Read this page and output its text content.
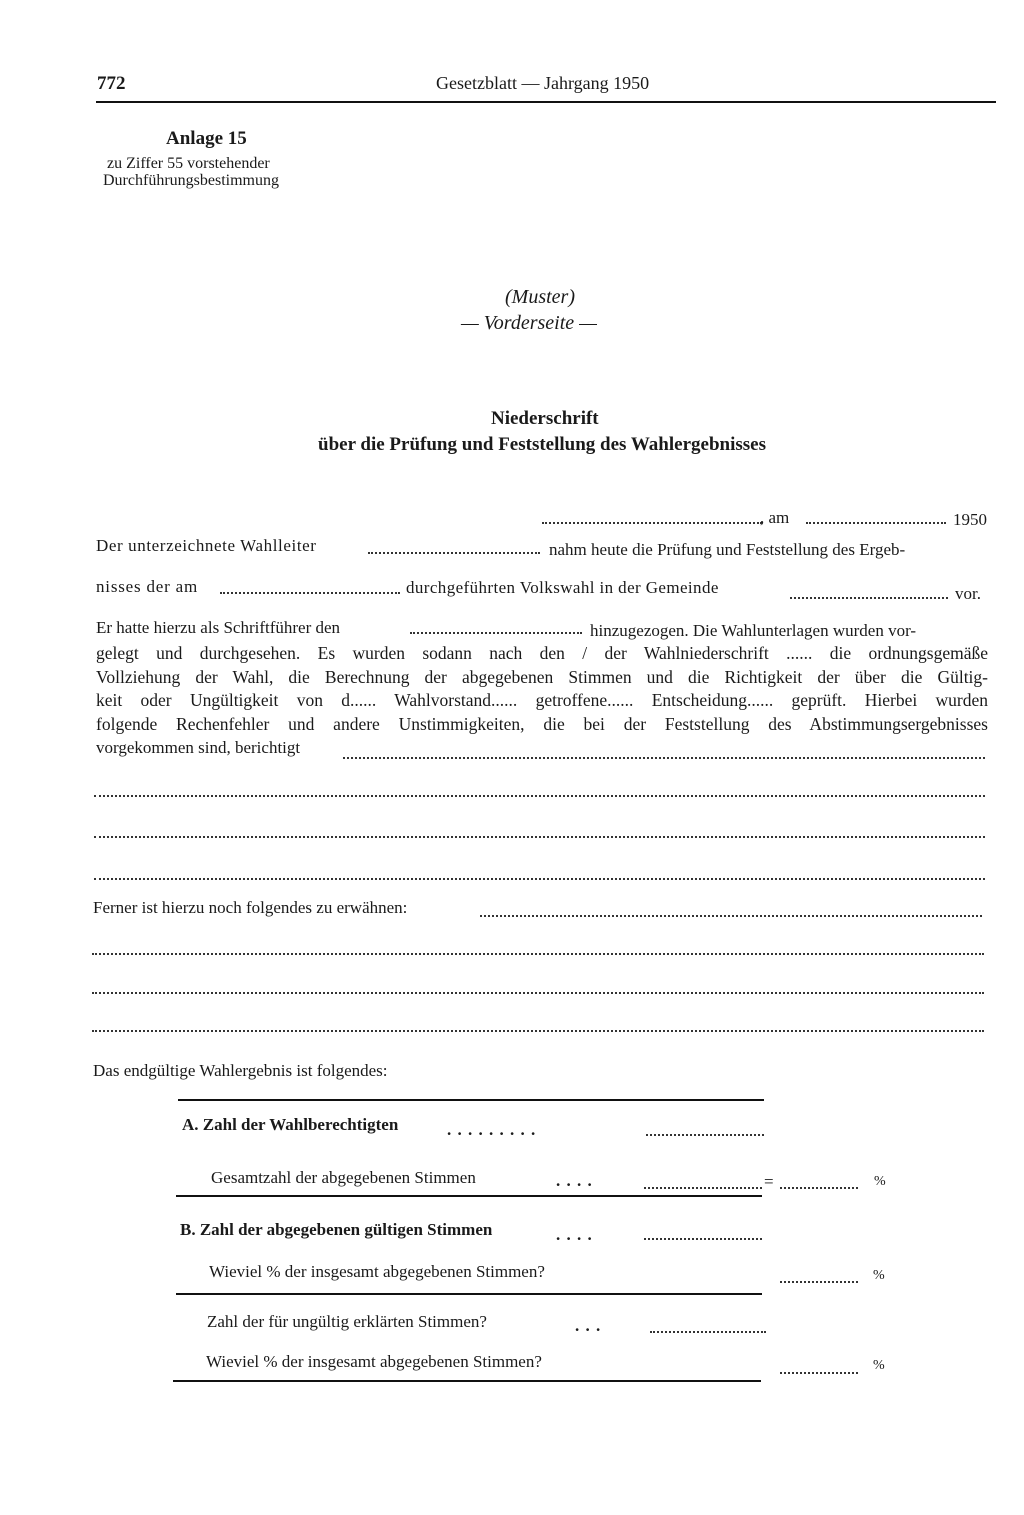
772	Gesetzblatt — Jahrgang 1950
Anlage 15
zu Ziffer 55 vorstehender
Durchführungsbestimmung
(Muster)
— Vorderseite —
Niederschrift
über die Prüfung und Feststellung des Wahlergebnisses
, am	1950
Der unterzeichnete Wahlleiter	nahm heute die Prüfung und Feststellung des Ergeb-
nisses der am	durchgeführten Volkswahl in der Gemeinde	vor.
Er hatte hierzu als Schriftführer den	hinzugezogen. Die Wahlunterlagen wurden vor-
gelegt und durchgesehen. Es wurden sodann nach den / der Wahlniederschrift ...... die ordnungsgemäße
Vollziehung der Wahl, die Berechnung der abgegebenen Stimmen und die Richtigkeit der über die Gültig-
keit oder Ungültigkeit von d...... Wahlvorstand...... getroffene...... Entscheidung...... geprüft. Hierbei wurden
folgende Rechenfehler und andere Unstimmigkeiten, die bei der Feststellung des Abstimmungsergebnisses
vorgekommen sind, berichtigt
Ferner ist hierzu noch folgendes zu erwähnen:
Das endgültige Wahlergebnis ist folgendes:
A. Zahl der Wahlberechtigten	. . . . . . . . .
Gesamtzahl der abgegebenen Stimmen	. . . .	=	%
B. Zahl der abgegebenen gültigen Stimmen	. . . .
Wieviel % der insgesamt abgegebenen Stimmen?	%
Zahl der für ungültig erklärten Stimmen?	. . .
Wieviel % der insgesamt abgegebenen Stimmen?	%
